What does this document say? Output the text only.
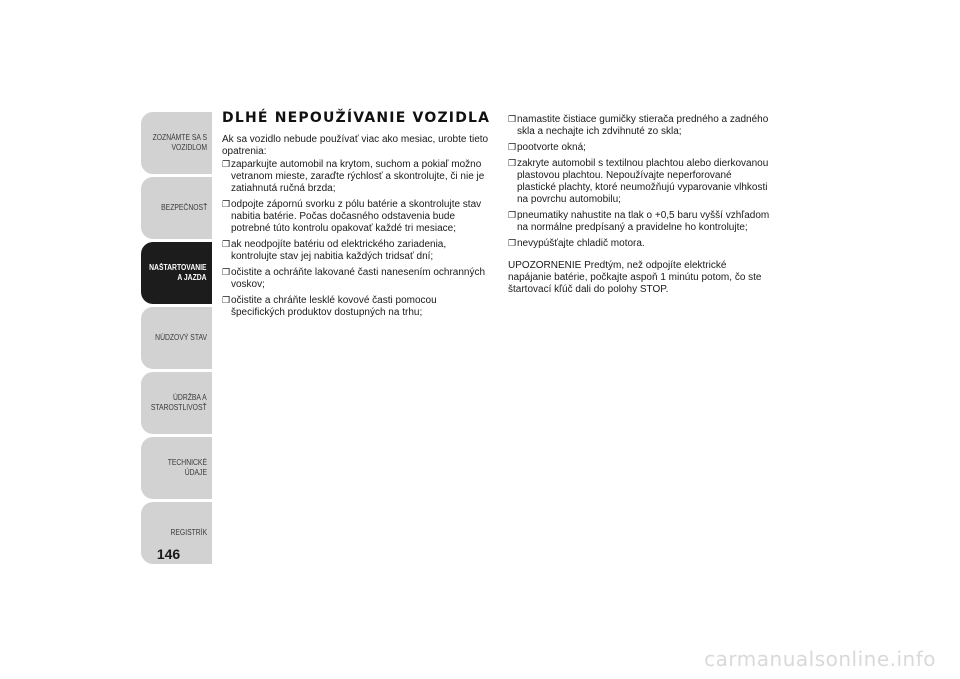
ZOZNÁMTE SA S
VOZIDLOM
BEZPEČNOSŤ
NAŠTARTOVANIE
A JAZDA
NÚDZOVÝ STAV
ÚDRŽBA A
STAROSTLIVOSŤ
TECHNICKÉ ÚDAJE
REGISTRÍK
146
DLHÉ NEPOUŽÍVANIE VOZIDLA

Ak sa vozidlo nebude používať viac ako mesiac, urobte tieto opatrenia:

❒ zaparkujte automobil na krytom, suchom a pokiaľ možno vetranom mieste, zaraďte rýchlosť a skontrolujte, či nie je zatiahnutá ručná brzda;
❒ odpojte zápornú svorku z pólu batérie a skontrolujte stav nabitia batérie. Počas dočasného odstavenia bude potrebné túto kontrolu opakovať každé tri mesiace;
❒ ak neodpojíte batériu od elektrického zariadenia, kontrolujte stav jej nabitia každých tridsať dní;
❒ očistite a ochráňte lakované časti nanesením ochranných voskov;
❒ očistite a chráňte lesklé kovové časti pomocou špecifických produktov dostupných na trhu;
❒ namastite čistiace gumičky stierača predného a zadného skla a nechajte ich zdvihnuté zo skla;
❒ pootvorte okná;
❒ zakryte automobil s textilnou plachtou alebo dierkovanou plastovou plachtou. Nepoužívajte neperforované plastické plachty, ktoré neumožňujú vyparovanie vlhkosti na povrchu automobilu;
❒ pneumatiky nahustite na tlak o +0,5 baru vyšší vzhľadom na normálne predpísaný a pravidelne ho kontrolujte;
❒ nevypúšťajte chladič motora.

UPOZORNENIE Predtým, než odpojíte elektrické napájanie batérie, počkajte aspoň 1 minútu potom, čo ste štartovací kľúč dali do polohy STOP.

carmanualsonline.info
